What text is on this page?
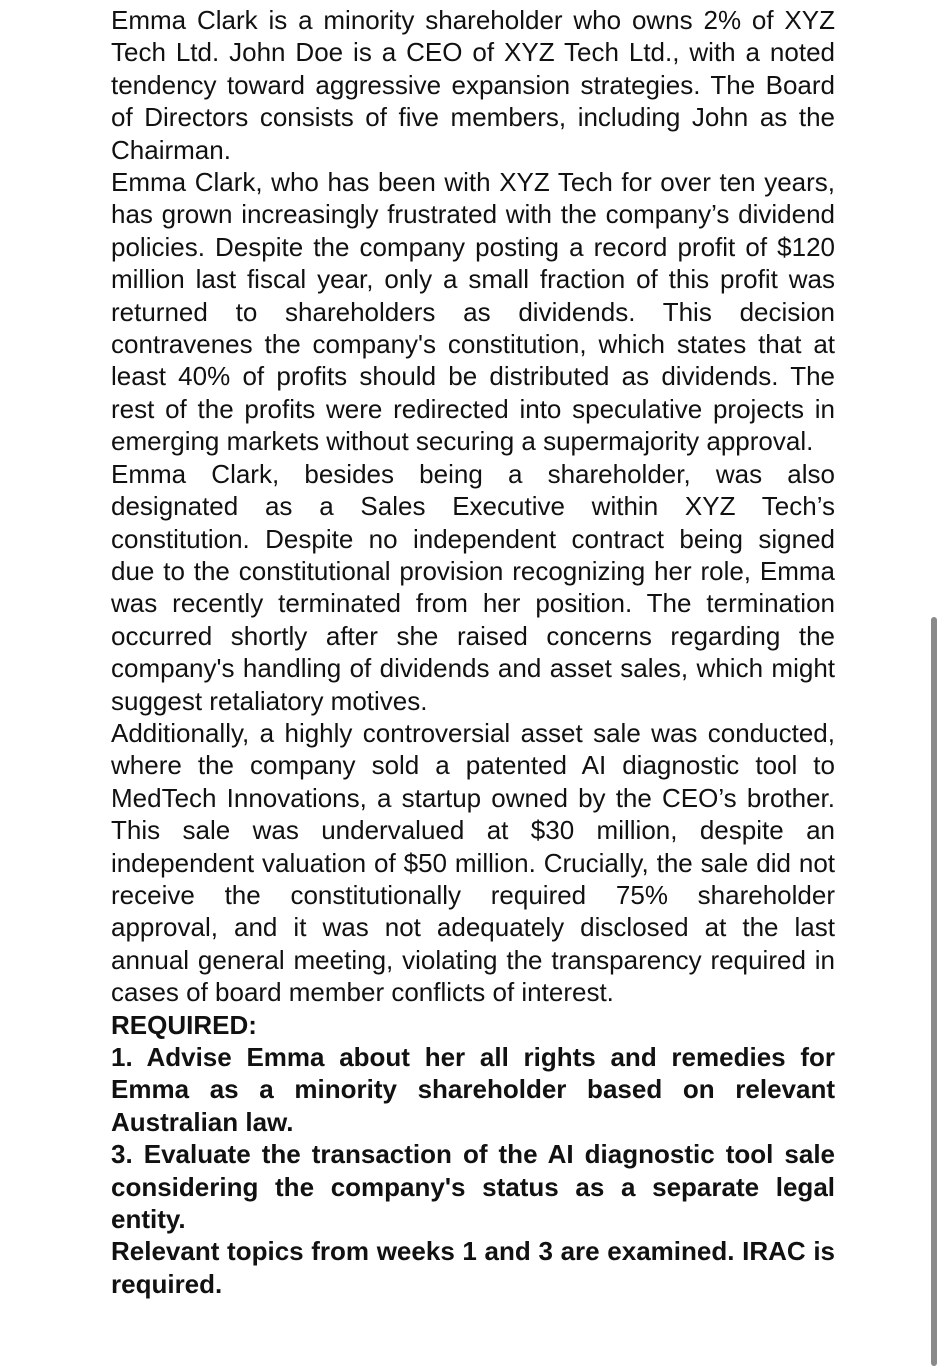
Emma Clark is a minority shareholder who owns 2% of XYZ Tech Ltd. John Doe is a CEO of XYZ Tech Ltd., with a noted tendency toward aggressive expansion strategies. The Board of Directors consists of five members, including John as the Chairman.

Emma Clark, who has been with XYZ Tech for over ten years, has grown increasingly frustrated with the company’s dividend policies. Despite the company posting a record profit of $120 million last fiscal year, only a small fraction of this profit was returned to shareholders as dividends. This decision contravenes the company's constitution, which states that at least 40% of profits should be distributed as dividends. The rest of the profits were redirected into speculative projects in emerging markets without securing a supermajority approval.

Emma Clark, besides being a shareholder, was also designated as a Sales Executive within XYZ Tech’s constitution. Despite no independent contract being signed due to the constitutional provision recognizing her role, Emma was recently terminated from her position. The termination occurred shortly after she raised concerns regarding the company's handling of dividends and asset sales, which might suggest retaliatory motives.

Additionally, a highly controversial asset sale was conducted, where the company sold a patented AI diagnostic tool to MedTech Innovations, a startup owned by the CEO’s brother. This sale was undervalued at $30 million, despite an independent valuation of $50 million. Crucially, the sale did not receive the constitutionally required 75% shareholder approval, and it was not adequately disclosed at the last annual general meeting, violating the transparency required in cases of board member conflicts of interest.

REQUIRED:

1. Advise Emma about her all rights and remedies for Emma as a minority shareholder based on relevant Australian law.

3. Evaluate the transaction of the AI diagnostic tool sale considering the company's status as a separate legal entity.

Relevant topics from weeks 1 and 3 are examined. IRAC is required.
